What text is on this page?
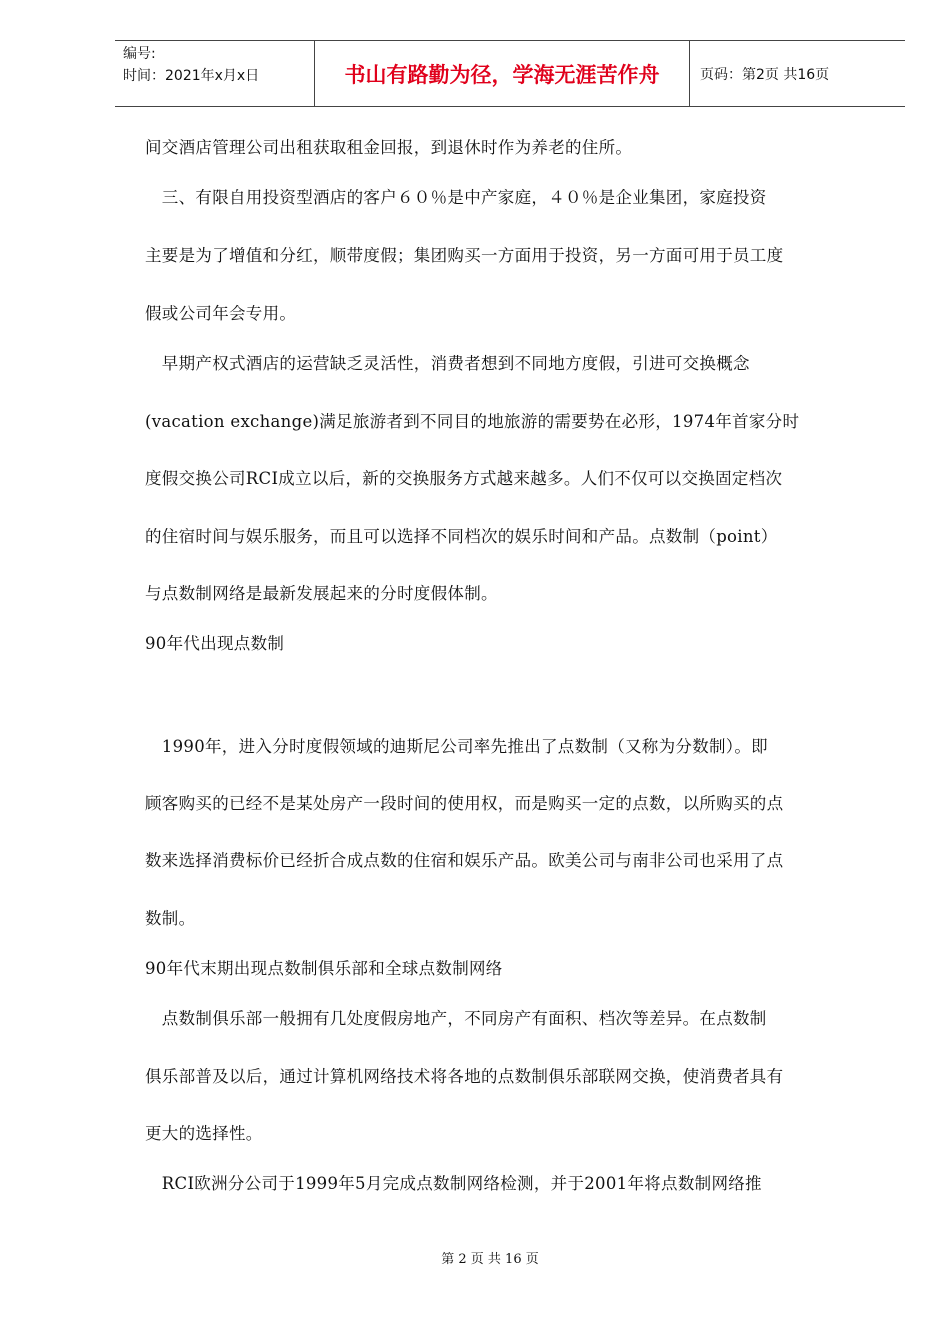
编号:
时间：2021年x月x日	书山有路勤为径，学海无涯苦作舟	页码：第2页 共16页
间交酒店管理公司出租获取租金回报，到退休时作为养老的住所。
　三、有限自用投资型酒店的客户６０％是中产家庭，４０％是企业集团，家庭投资
主要是为了增值和分红，顺带度假；集团购买一方面用于投资，另一方面可用于员工度
假或公司年会专用。
　早期产权式酒店的运营缺乏灵活性，消费者想到不同地方度假，引进可交换概念
(vacation exchange)满足旅游者到不同目的地旅游的需要势在必形，1974年首家分时
度假交换公司RCI成立以后，新的交换服务方式越来越多。人们不仅可以交换固定档次
的住宿时间与娱乐服务，而且可以选择不同档次的娱乐时间和产品。点数制（point）
与点数制网络是最新发展起来的分时度假体制。
90年代出现点数制
　1990年，进入分时度假领域的迪斯尼公司率先推出了点数制（又称为分数制）。即
顾客购买的已经不是某处房产一段时间的使用权，而是购买一定的点数，以所购买的点
数来选择消费标价已经折合成点数的住宿和娱乐产品。欧美公司与南非公司也采用了点
数制。
90年代末期出现点数制俱乐部和全球点数制网络
　点数制俱乐部一般拥有几处度假房地产，不同房产有面积、档次等差异。在点数制
俱乐部普及以后，通过计算机网络技术将各地的点数制俱乐部联网交换，使消费者具有
更大的选择性。
　RCI欧洲分公司于1999年5月完成点数制网络检测，并于2001年将点数制网络推
第 2 页 共 16 页
